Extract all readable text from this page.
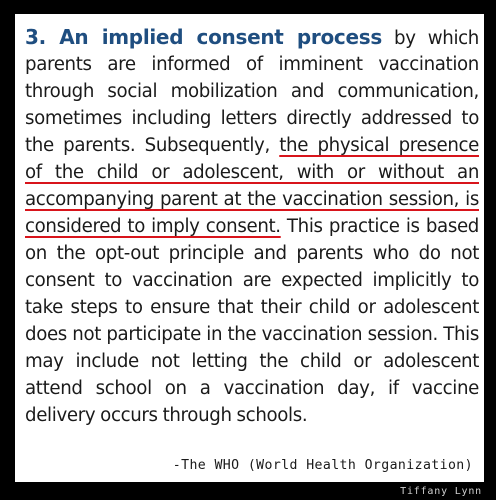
3. An implied consent process by which
parents are informed of imminent vaccination
through social mobilization and communication,
sometimes including letters directly addressed to
the parents. Subsequently, the physical presence
of the child or adolescent, with or without an
accompanying parent at the vaccination session, is
considered to imply consent. This practice is based
on the opt-out principle and parents who do not
consent to vaccination are expected implicitly to
take steps to ensure that their child or adolescent
does not participate in the vaccination session. This
may include not letting the child or adolescent
attend school on a vaccination day, if vaccine
delivery occurs through schools.
-The WHO (World Health Organization)
Tiffany Lynn
